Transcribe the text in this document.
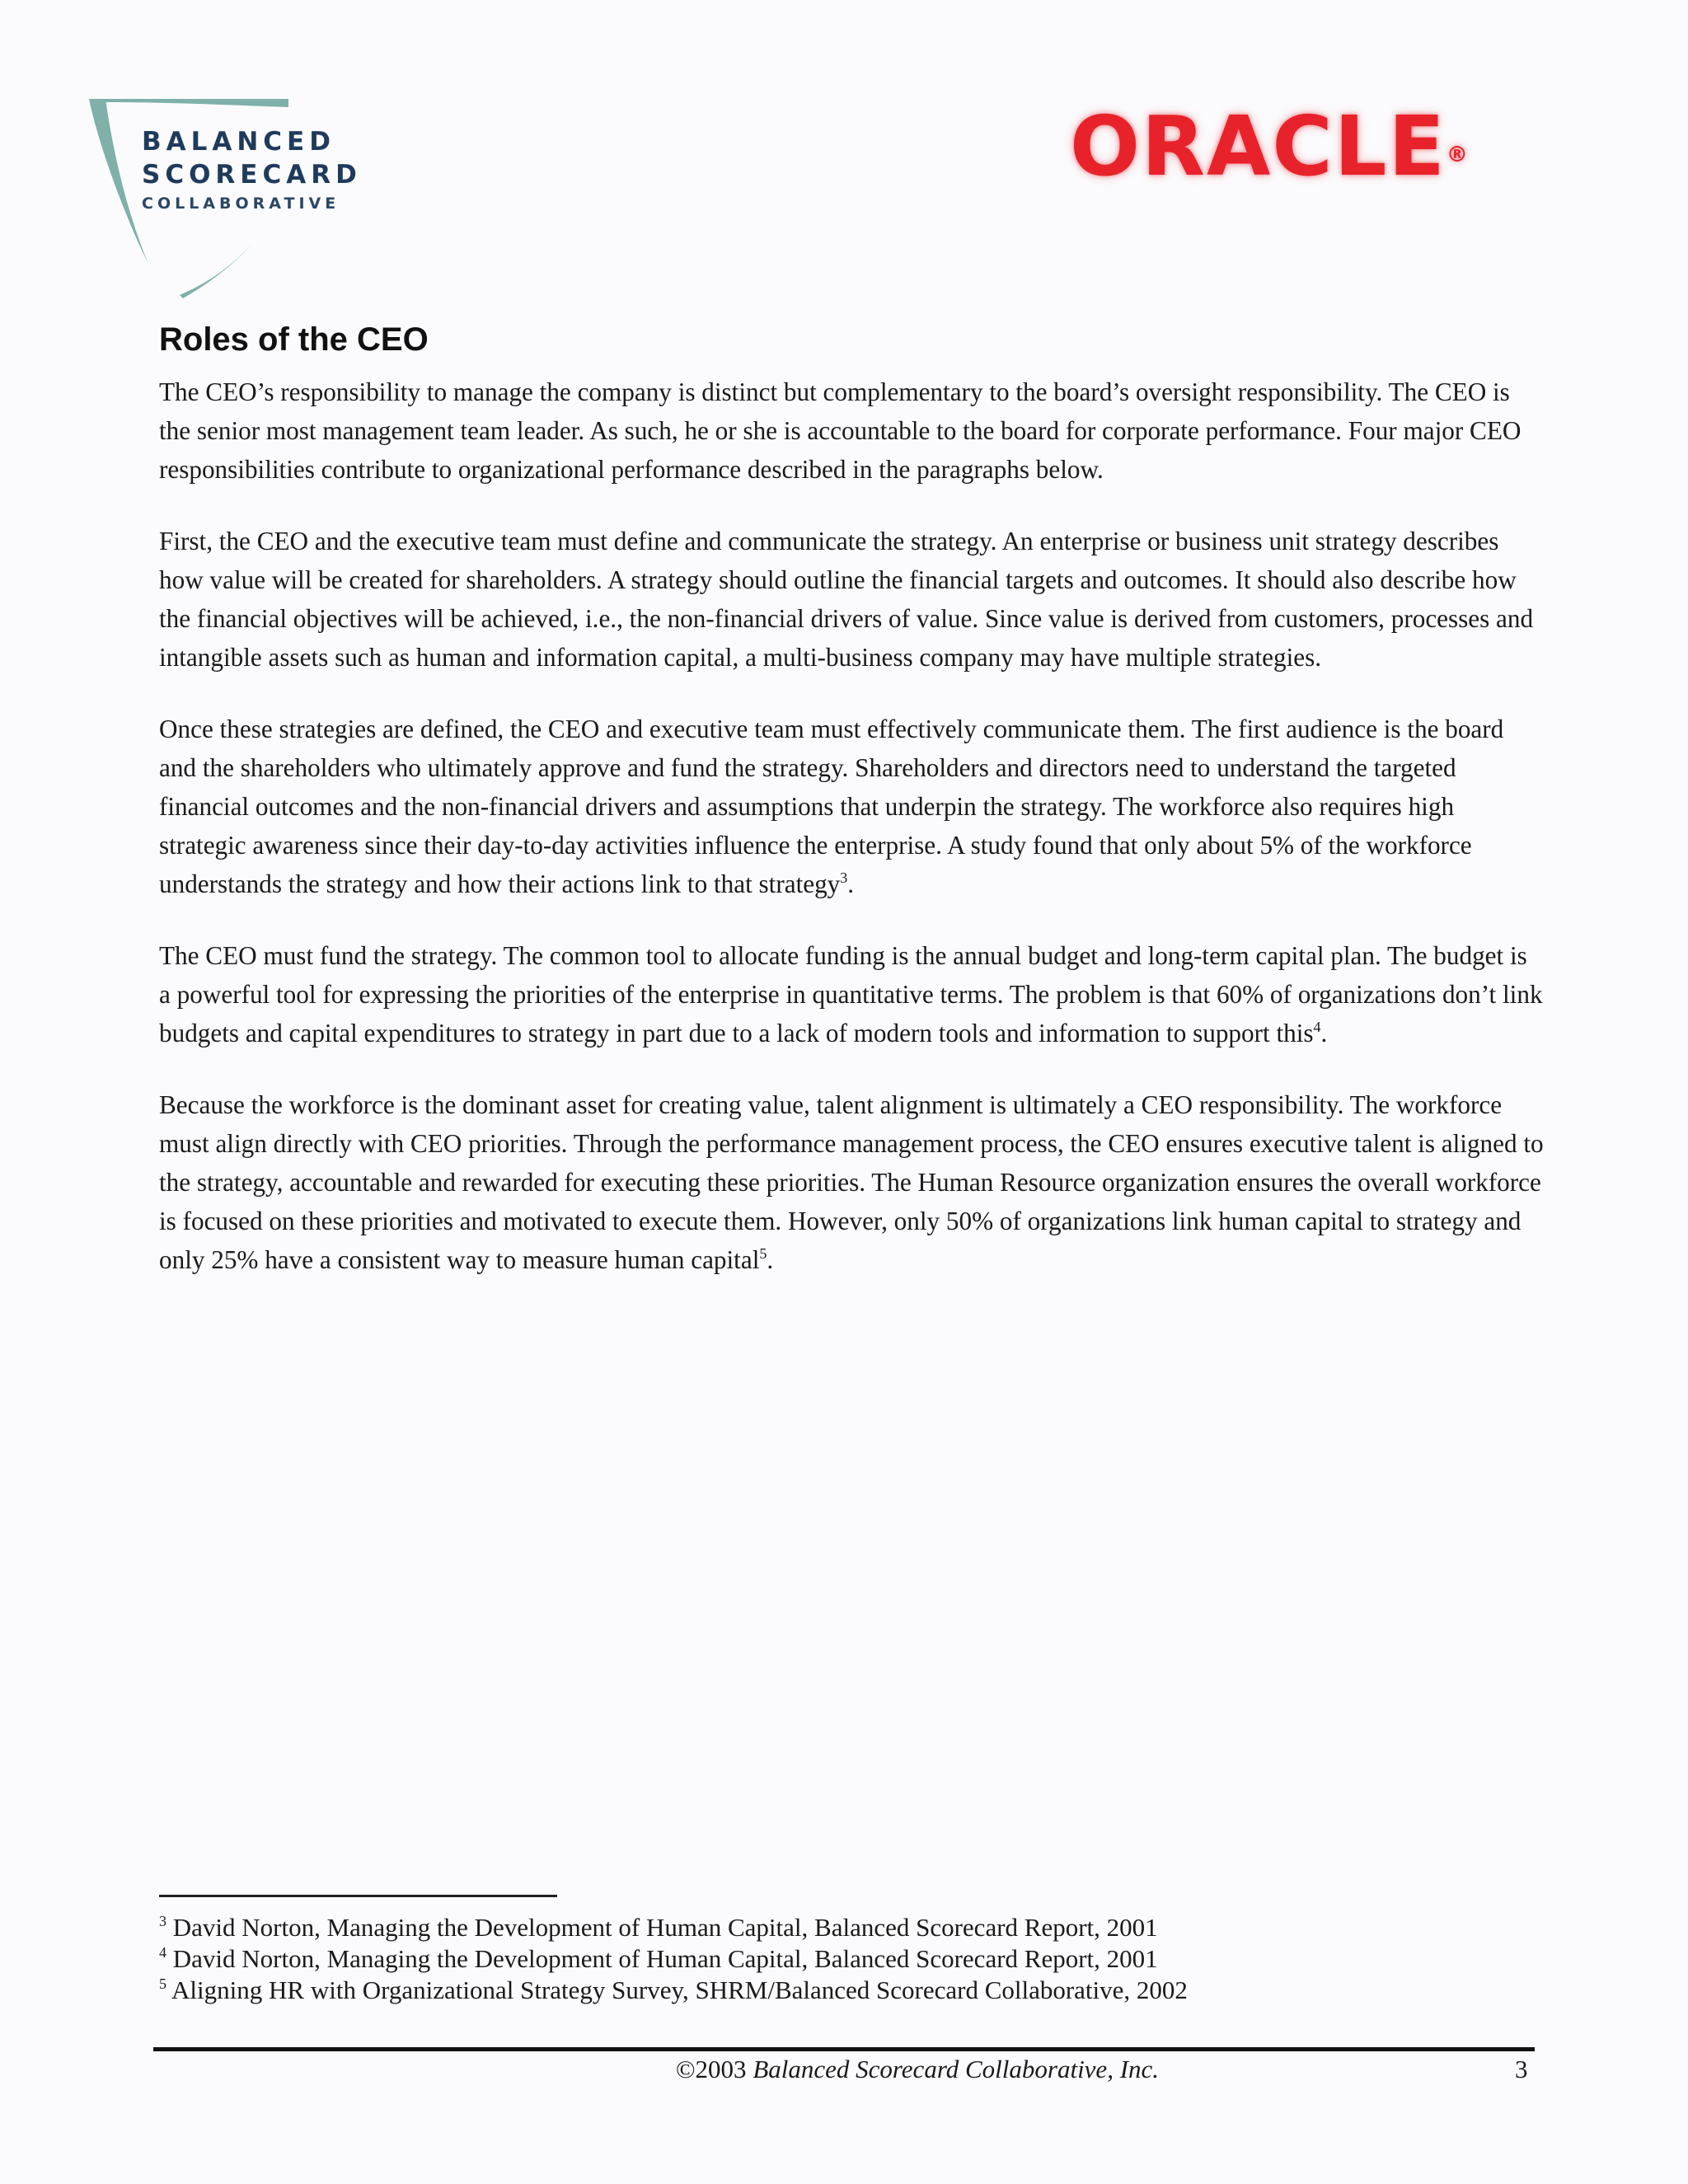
BALANCED
SCORECARD
COLLABORATIVE
ORACLE®
Roles of the CEO

The CEO’s responsibility to manage the company is distinct but complementary to the board’s oversight responsibility. The CEO is the senior most management team leader. As such, he or she is accountable to the board for corporate performance. Four major CEO responsibilities contribute to organizational performance described in the paragraphs below.

First, the CEO and the executive team must define and communicate the strategy. An enterprise or business unit strategy describes how value will be created for shareholders. A strategy should outline the financial targets and outcomes. It should also describe how the financial objectives will be achieved, i.e., the non-financial drivers of value. Since value is derived from customers, processes and intangible assets such as human and information capital, a multi-business company may have multiple strategies.

Once these strategies are defined, the CEO and executive team must effectively communicate them. The first audience is the board and the shareholders who ultimately approve and fund the strategy. Shareholders and directors need to understand the targeted financial outcomes and the non-financial drivers and assumptions that underpin the strategy. The workforce also requires high strategic awareness since their day-to-day activities influence the enterprise. A study found that only about 5% of the workforce understands the strategy and how their actions link to that strategy$^3$.

The CEO must fund the strategy. The common tool to allocate funding is the annual budget and long-term capital plan. The budget is a powerful tool for expressing the priorities of the enterprise in quantitative terms. The problem is that 60% of organizations don’t link budgets and capital expenditures to strategy in part due to a lack of modern tools and information to support this$^4$.

Because the workforce is the dominant asset for creating value, talent alignment is ultimately a CEO responsibility. The workforce must align directly with CEO priorities. Through the performance management process, the CEO ensures executive talent is aligned to the strategy, accountable and rewarded for executing these priorities. The Human Resource organization ensures the overall workforce is focused on these priorities and motivated to execute them. However, only 50% of organizations link human capital to strategy and only 25% have a consistent way to measure human capital$^5$.

$^3$ David Norton, Managing the Development of Human Capital, Balanced Scorecard Report, 2001
$^4$ David Norton, Managing the Development of Human Capital, Balanced Scorecard Report, 2001
$^5$ Aligning HR with Organizational Strategy Survey, SHRM/Balanced Scorecard Collaborative, 2002
©2003 Balanced Scorecard Collaborative, Inc.	3
